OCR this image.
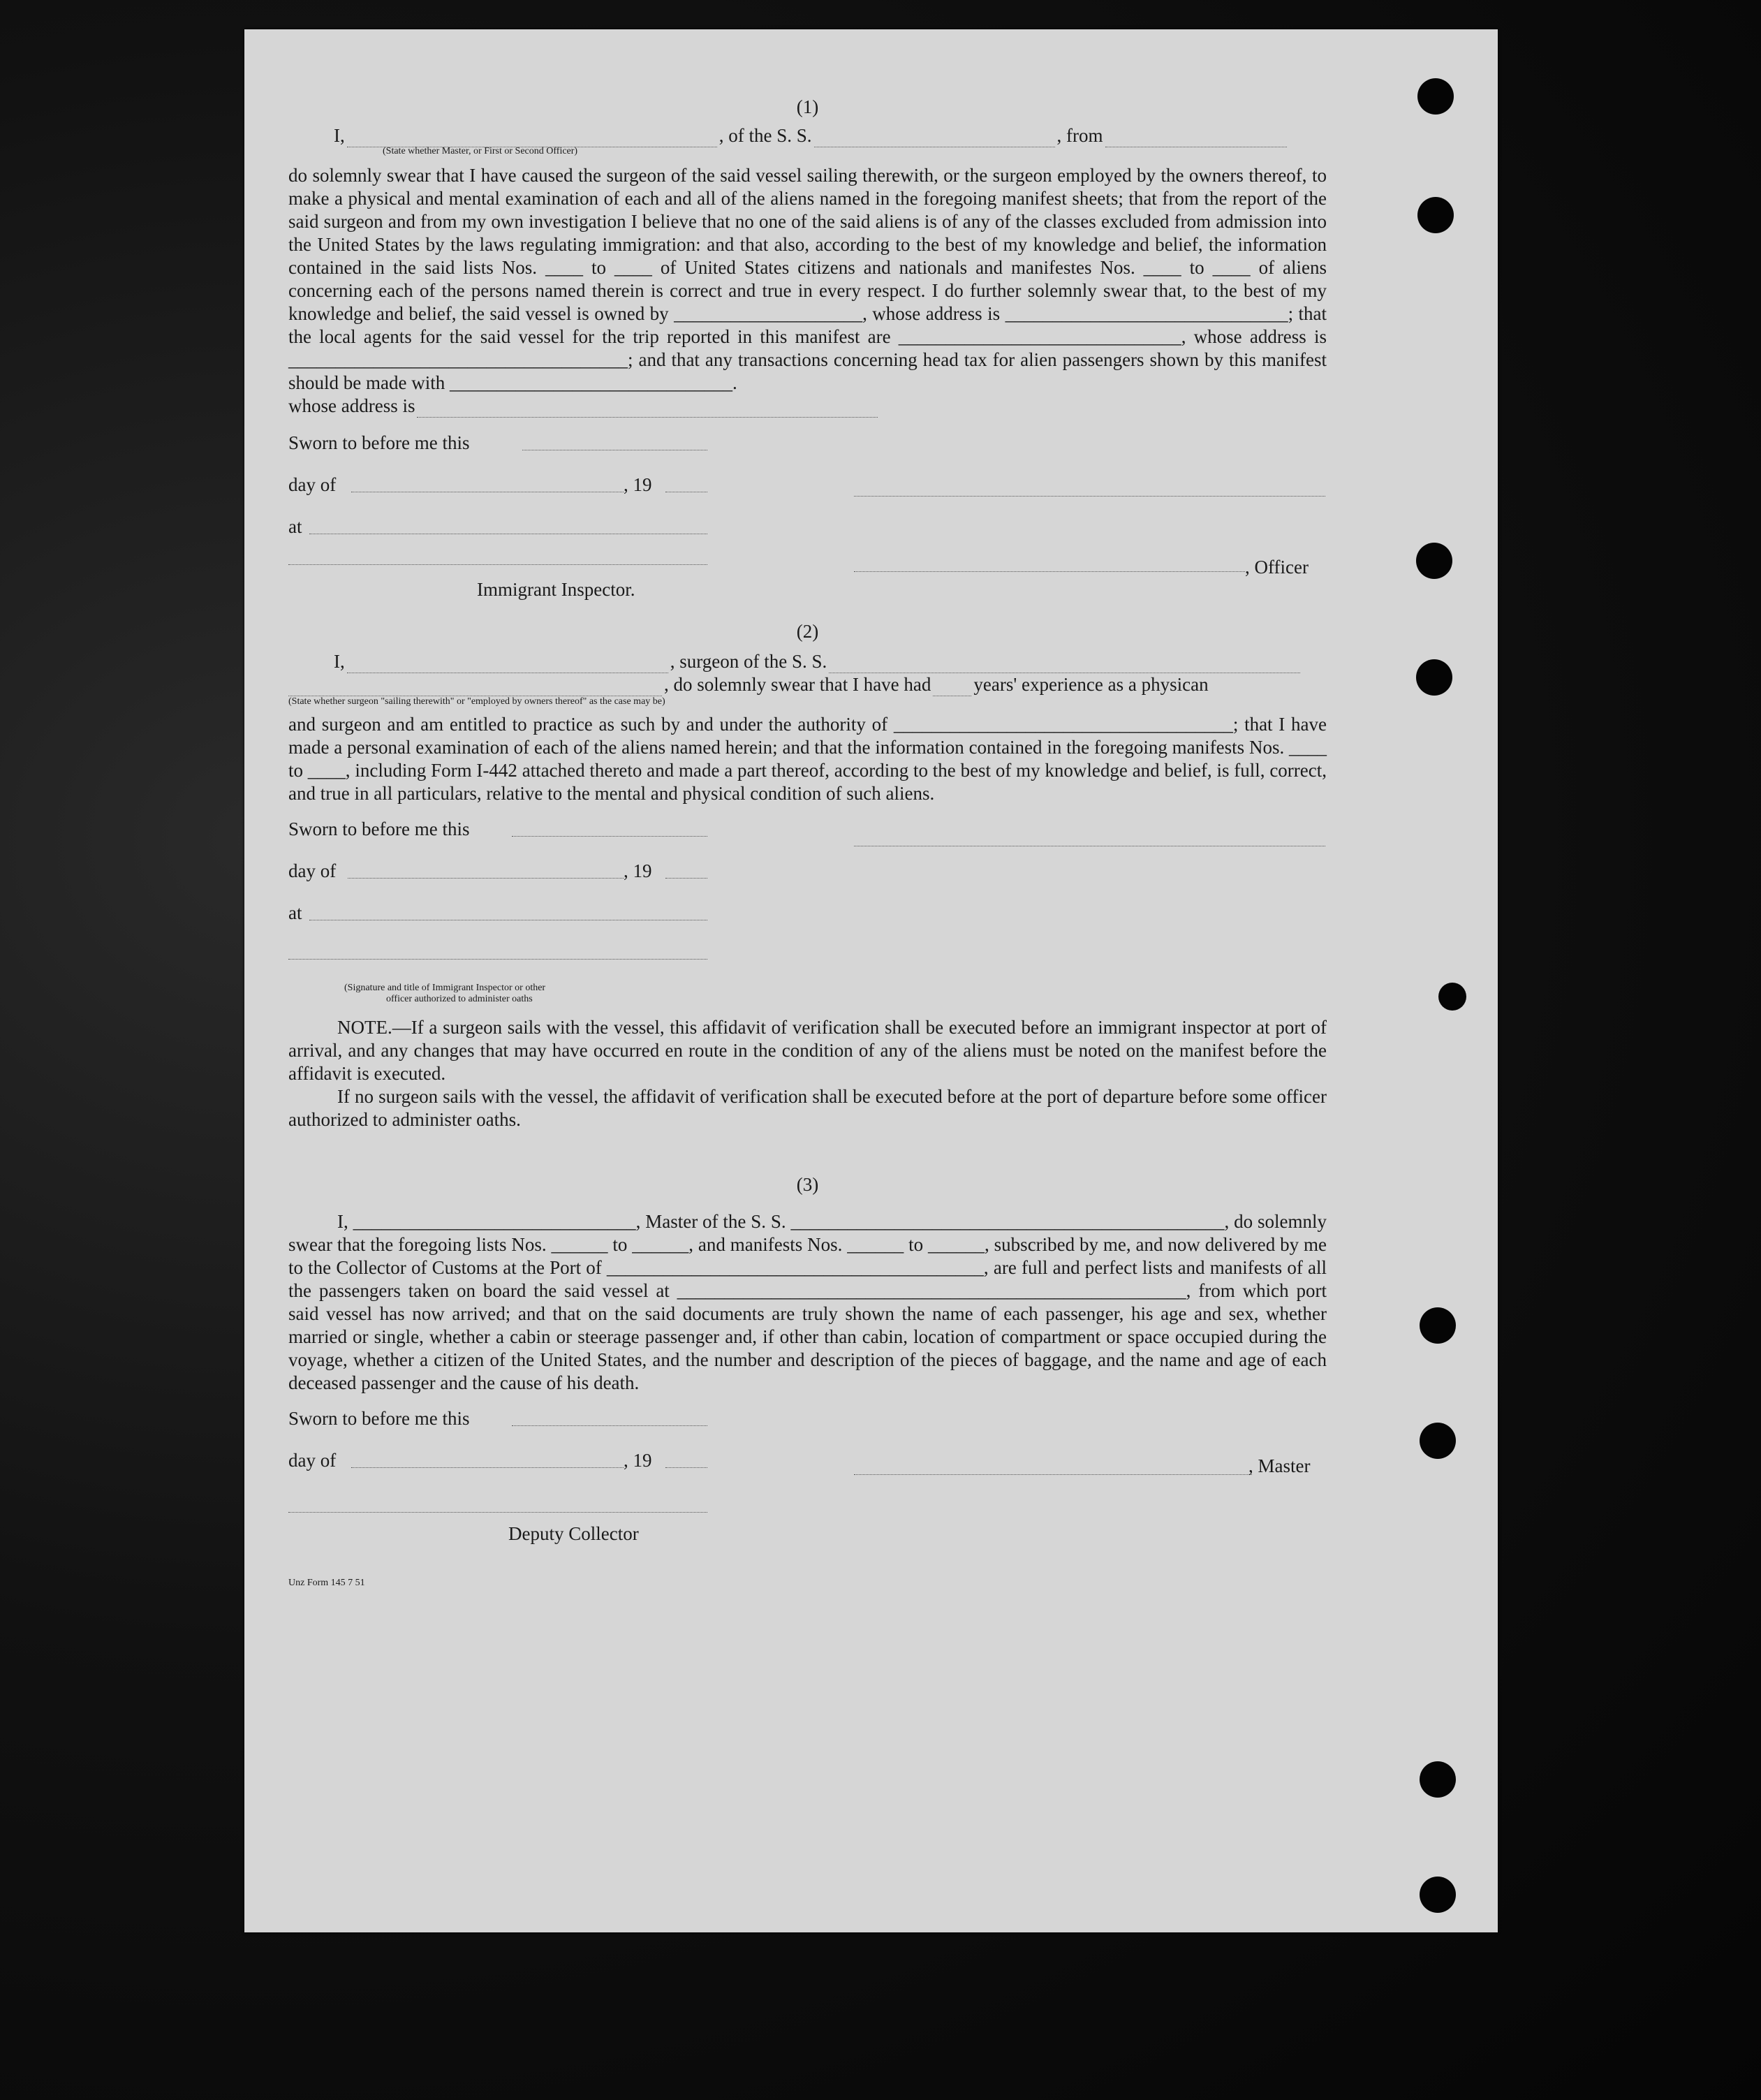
(1)
I,	, of the S. S.	, from
(State whether Master, or First or Second Officer)

do solemnly swear that I have caused the surgeon of the said vessel sailing therewith, or the surgeon employed by the owners thereof, to make a physical and mental examination of each and all of the aliens named in the foregoing manifest sheets; that from the report of the said surgeon and from my own investigation I believe that no one of the said aliens is of any of the classes excluded from admission into the United States by the laws regulating immigration: and that also, according to the best of my knowledge and belief, the information contained in the said lists Nos. ____ to ____ of United States citizens and nationals and manifestes Nos. ____ to ____ of aliens concerning each of the persons named therein is correct and true in every respect. I do further solemnly swear that, to the best of my knowledge and belief, the said vessel is owned by ____________________, whose address is ______________________________; that the local agents for the said vessel for the trip reported in this manifest are ______________________________, whose address is ____________________________________; and that any transactions concerning head tax for alien passengers shown by this manifest should be made with ______________________________.

whose address is
Sworn to before me this
day of	, 19
at
Immigrant Inspector.
, Officer
(2)
I,	, surgeon of the S. S.
, do solemnly swear that I have had years' experience as a physican
(State whether surgeon "sailing therewith" or "employed by owners thereof" as the case may be)

and surgeon and am entitled to practice as such by and under the authority of ____________________________________; that I have made a personal examination of each of the aliens named herein; and that the information contained in the foregoing manifests Nos. ____ to ____, including Form I-442 attached thereto and made a part thereof, according to the best of my knowledge and belief, is full, correct, and true in all particulars, relative to the mental and physical condition of such aliens.

Sworn to before me this
day of	, 19
at
(Signature and title of Immigrant Inspector or other
officer authorized to administer oaths

NOTE.—If a surgeon sails with the vessel, this affidavit of verification shall be executed before an immigrant inspector at port of arrival, and any changes that may have occurred en route in the condition of any of the aliens must be noted on the manifest before the affidavit is executed.

If no surgeon sails with the vessel, the affidavit of verification shall be executed before at the port of departure before some officer authorized to administer oaths.

(3)

I, ______________________________, Master of the S. S. ______________________________________________, do solemnly swear that the foregoing lists Nos. ______ to ______, and manifests Nos. ______ to ______, subscribed by me, and now delivered by me to the Collector of Customs at the Port of ________________________________________, are full and perfect lists and manifests of all the passengers taken on board the said vessel at ______________________________________________________, from which port said vessel has now arrived; and that on the said documents are truly shown the name of each passenger, his age and sex, whether married or single, whether a cabin or steerage passenger and, if other than cabin, location of compartment or space occupied during the voyage, whether a citizen of the United States, and the number and description of the pieces of baggage, and the name and age of each deceased passenger and the cause of his death.

Sworn to before me this
day of	, 19	, Master
Deputy Collector
Unz Form 145 7 51
